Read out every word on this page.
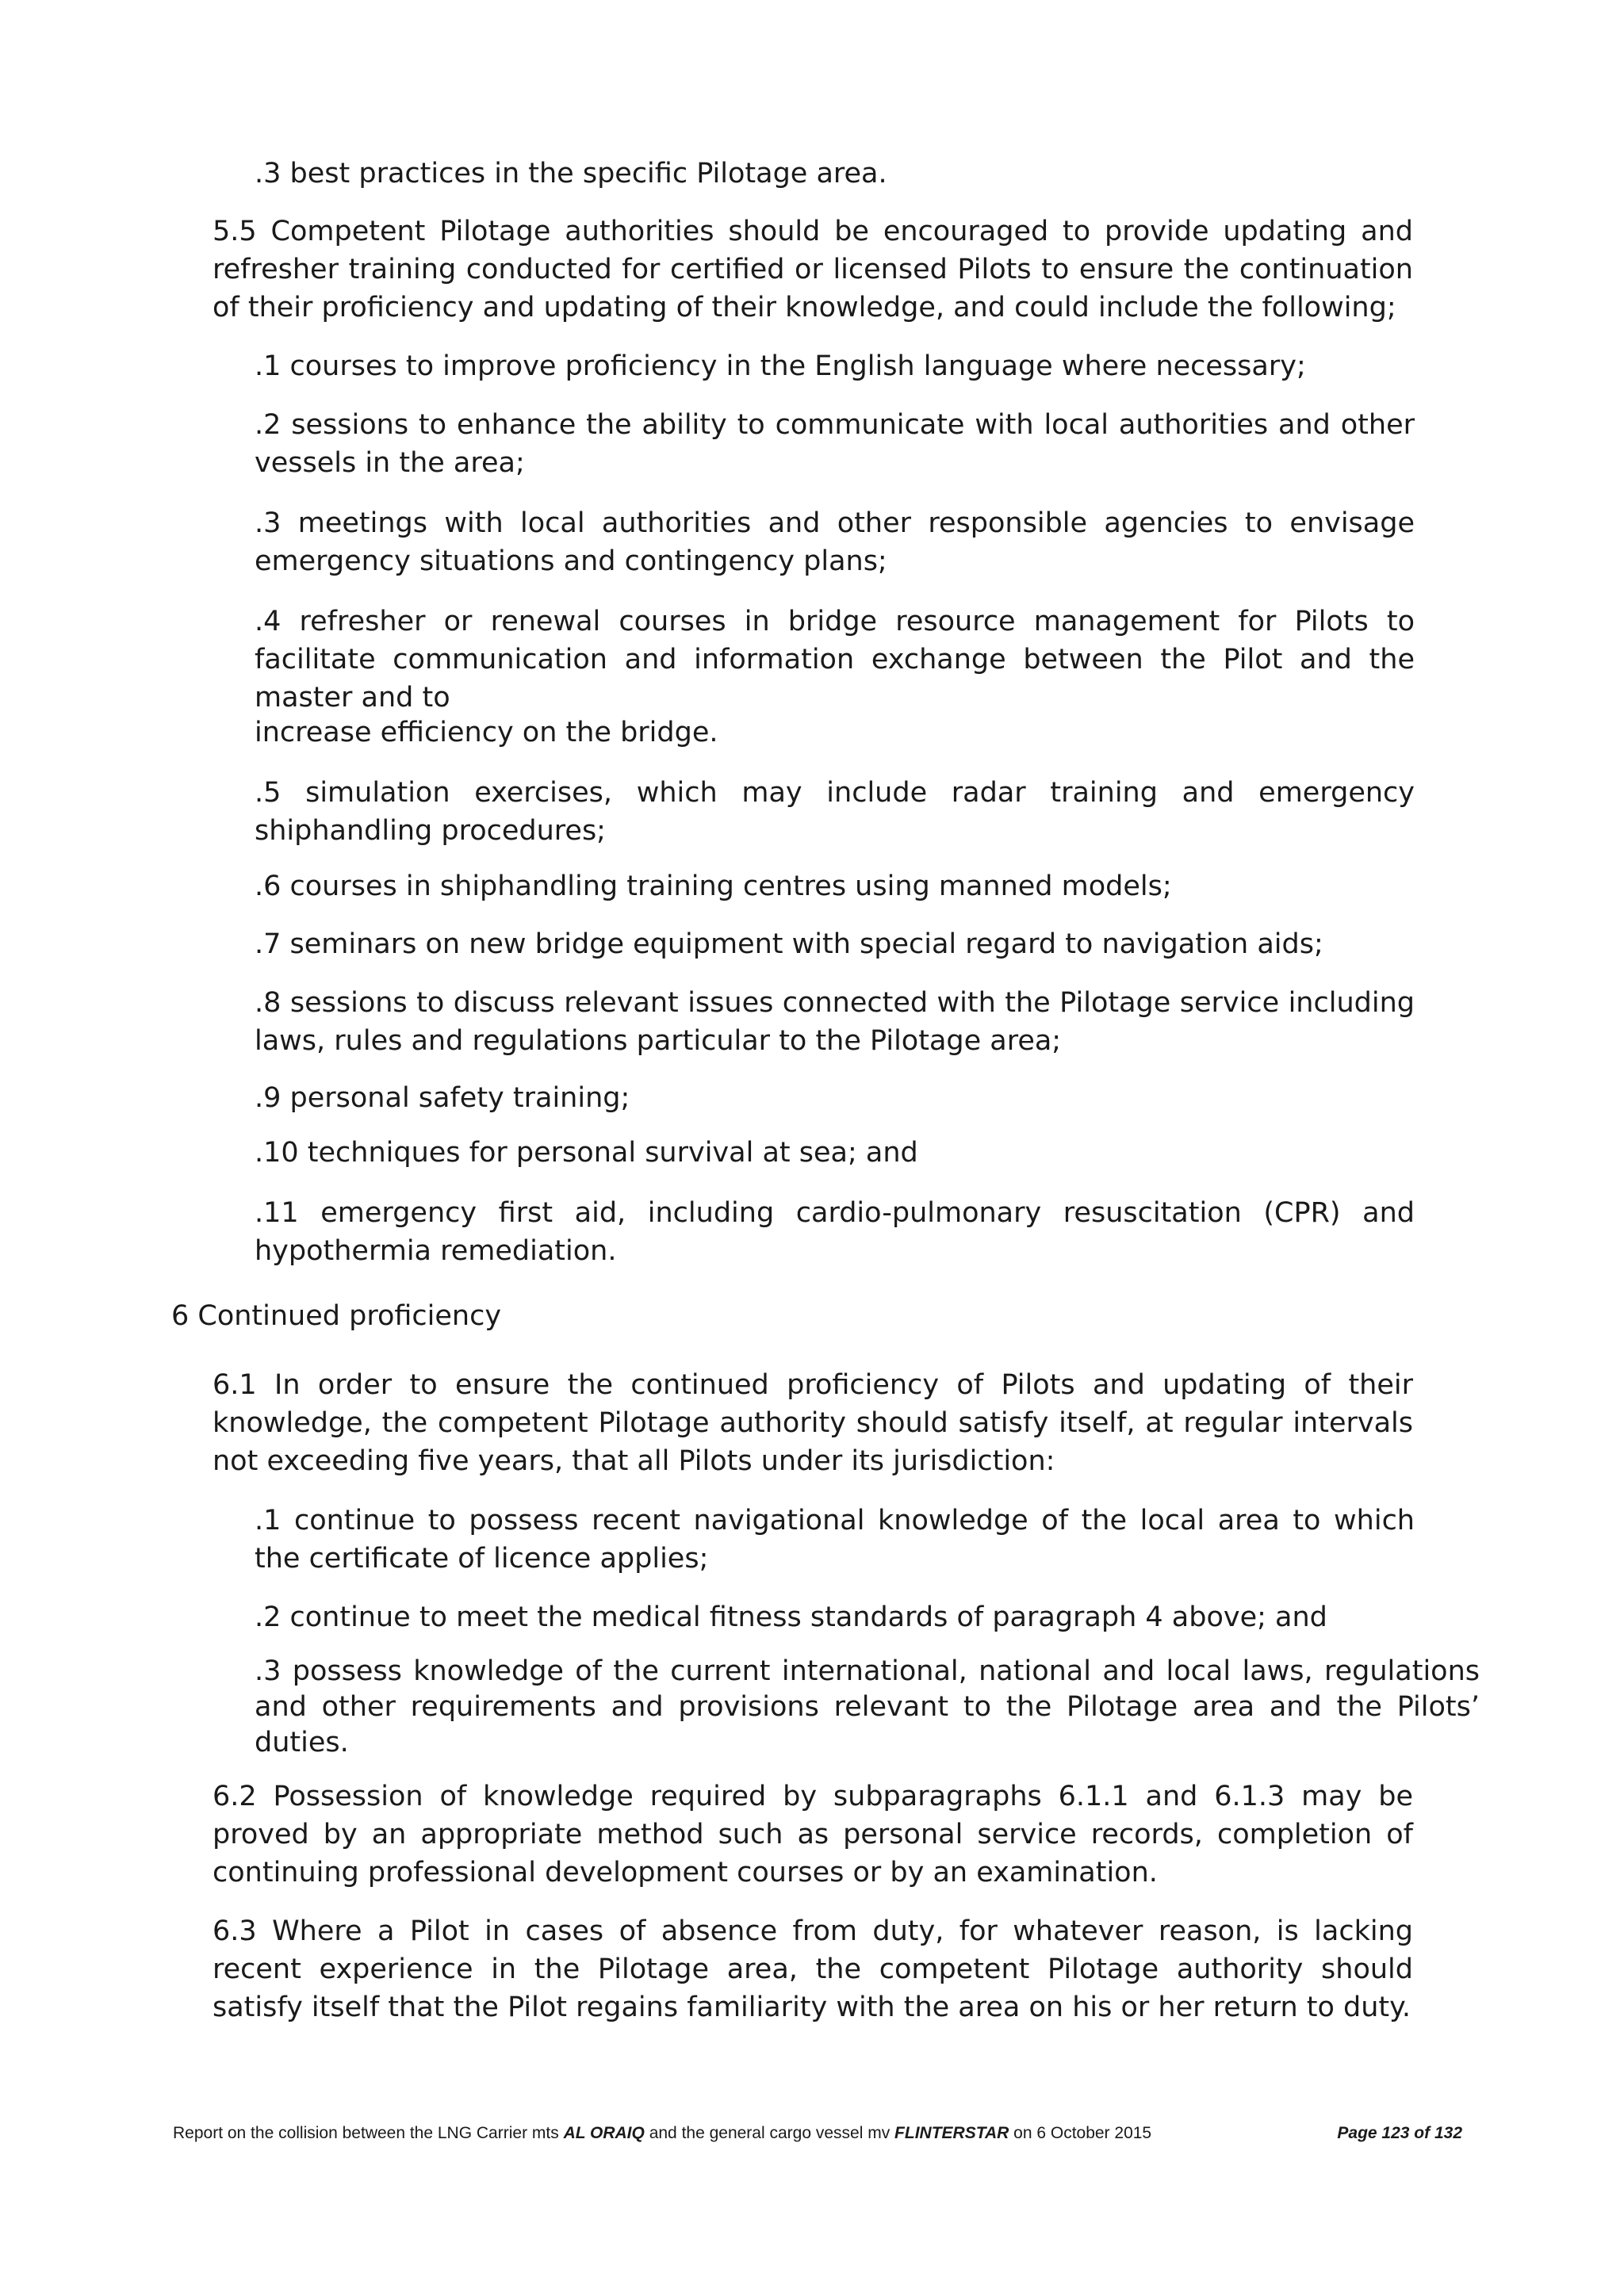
.3 best practices in the specific Pilotage area.

5.5 Competent Pilotage authorities should be encouraged to provide updating and refresher training conducted for certified or licensed Pilots to ensure the continuation of their proficiency and updating of their knowledge, and could include the following;

.1 courses to improve proficiency in the English language where necessary;

.2 sessions to enhance the ability to communicate with local authorities and other vessels in the area;

.3 meetings with local authorities and other responsible agencies to envisage emergency situations and contingency plans;

.4 refresher or renewal courses in bridge resource management for Pilots to facilitate communication and information exchange between the Pilot and the master and to

increase efficiency on the bridge.

.5 simulation exercises, which may include radar training and emergency shiphandling procedures;

.6 courses in shiphandling training centres using manned models;

.7 seminars on new bridge equipment with special regard to navigation aids;

.8 sessions to discuss relevant issues connected with the Pilotage service including laws, rules and regulations particular to the Pilotage area;

.9 personal safety training;

.10 techniques for personal survival at sea; and

.11 emergency first aid, including cardio-pulmonary resuscitation (CPR) and hypothermia remediation.

6 Continued proficiency

6.1 In order to ensure the continued proficiency of Pilots and updating of their knowledge, the competent Pilotage authority should satisfy itself, at regular intervals not exceeding five years, that all Pilots under its jurisdiction:

.1 continue to possess recent navigational knowledge of the local area to which the certificate of licence applies;

.2 continue to meet the medical fitness standards of paragraph 4 above; and

.3 possess knowledge of the current international, national and local laws, regulations and other requirements and provisions relevant to the Pilotage area and the Pilots’ duties.

6.2 Possession of knowledge required by subparagraphs 6.1.1 and 6.1.3 may be proved by an appropriate method such as personal service records, completion of continuing professional development courses or by an examination.

6.3 Where a Pilot in cases of absence from duty, for whatever reason, is lacking recent experience in the Pilotage area, the competent Pilotage authority should satisfy itself that the Pilot regains familiarity with the area on his or her return to duty.

Report on the collision between the LNG Carrier mts AL ORAIQ and the general cargo vessel mv FLINTERSTAR on 6 October 2015	Page 123 of 132
